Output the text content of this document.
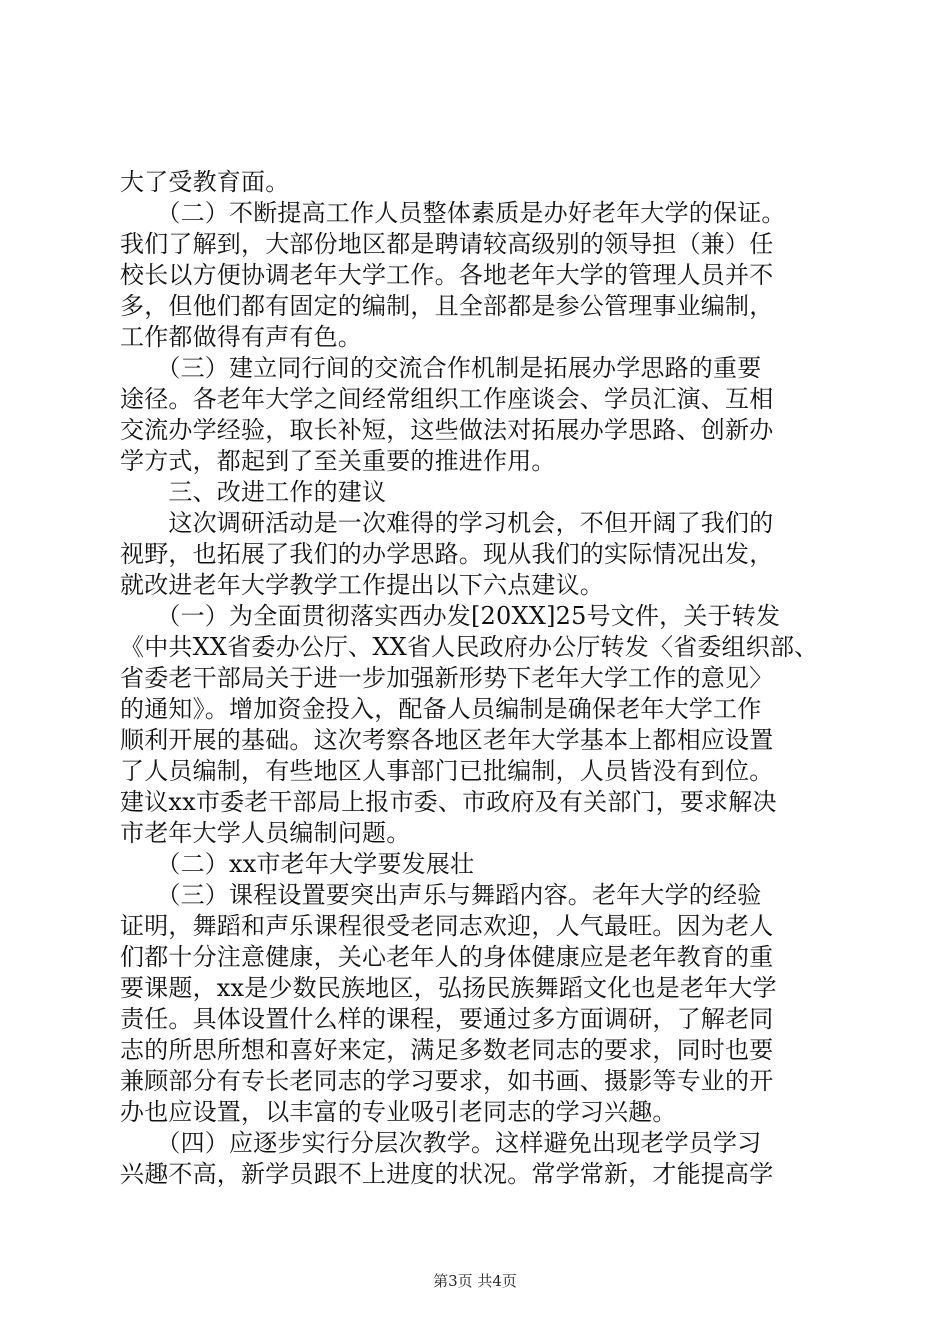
大了受教育面。
　　（二）不断提高工作人员整体素质是办好老年大学的保证。
我们了解到，大部份地区都是聘请较高级别的领导担（兼）任
校长以方便协调老年大学工作。各地老年大学的管理人员并不
多，但他们都有固定的编制，且全部都是参公管理事业编制，
工作都做得有声有色。
　　（三）建立同行间的交流合作机制是拓展办学思路的重要
途径。各老年大学之间经常组织工作座谈会、学员汇演、互相
交流办学经验，取长补短，这些做法对拓展办学思路、创新办
学方式，都起到了至关重要的推进作用。
　　三、改进工作的建议
　　这次调研活动是一次难得的学习机会，不但开阔了我们的
视野，也拓展了我们的办学思路。现从我们的实际情况出发，
就改进老年大学教学工作提出以下六点建议。
　　（一）为全面贯彻落实西办发[20XX]25号文件，关于转发
《中共XX省委办公厅、XX省人民政府办公厅转发〈省委组织部、
省委老干部局关于进一步加强新形势下老年大学工作的意见〉
的通知》。增加资金投入，配备人员编制是确保老年大学工作
顺利开展的基础。这次考察各地区老年大学基本上都相应设置
了人员编制，有些地区人事部门已批编制，人员皆没有到位。
建议xx市委老干部局上报市委、市政府及有关部门，要求解决
市老年大学人员编制问题。
　　（二）xx市老年大学要发展壮
　　（三）课程设置要突出声乐与舞蹈内容。老年大学的经验
证明，舞蹈和声乐课程很受老同志欢迎，人气最旺。因为老人
们都十分注意健康，关心老年人的身体健康应是老年教育的重
要课题，xx是少数民族地区，弘扬民族舞蹈文化也是老年大学
责任。具体设置什么样的课程，要通过多方面调研，了解老同
志的所思所想和喜好来定，满足多数老同志的要求，同时也要
兼顾部分有专长老同志的学习要求，如书画、摄影等专业的开
办也应设置，以丰富的专业吸引老同志的学习兴趣。
　　（四）应逐步实行分层次教学。这样避免出现老学员学习
兴趣不高，新学员跟不上进度的状况。常学常新，才能提高学
第3页 共4页
